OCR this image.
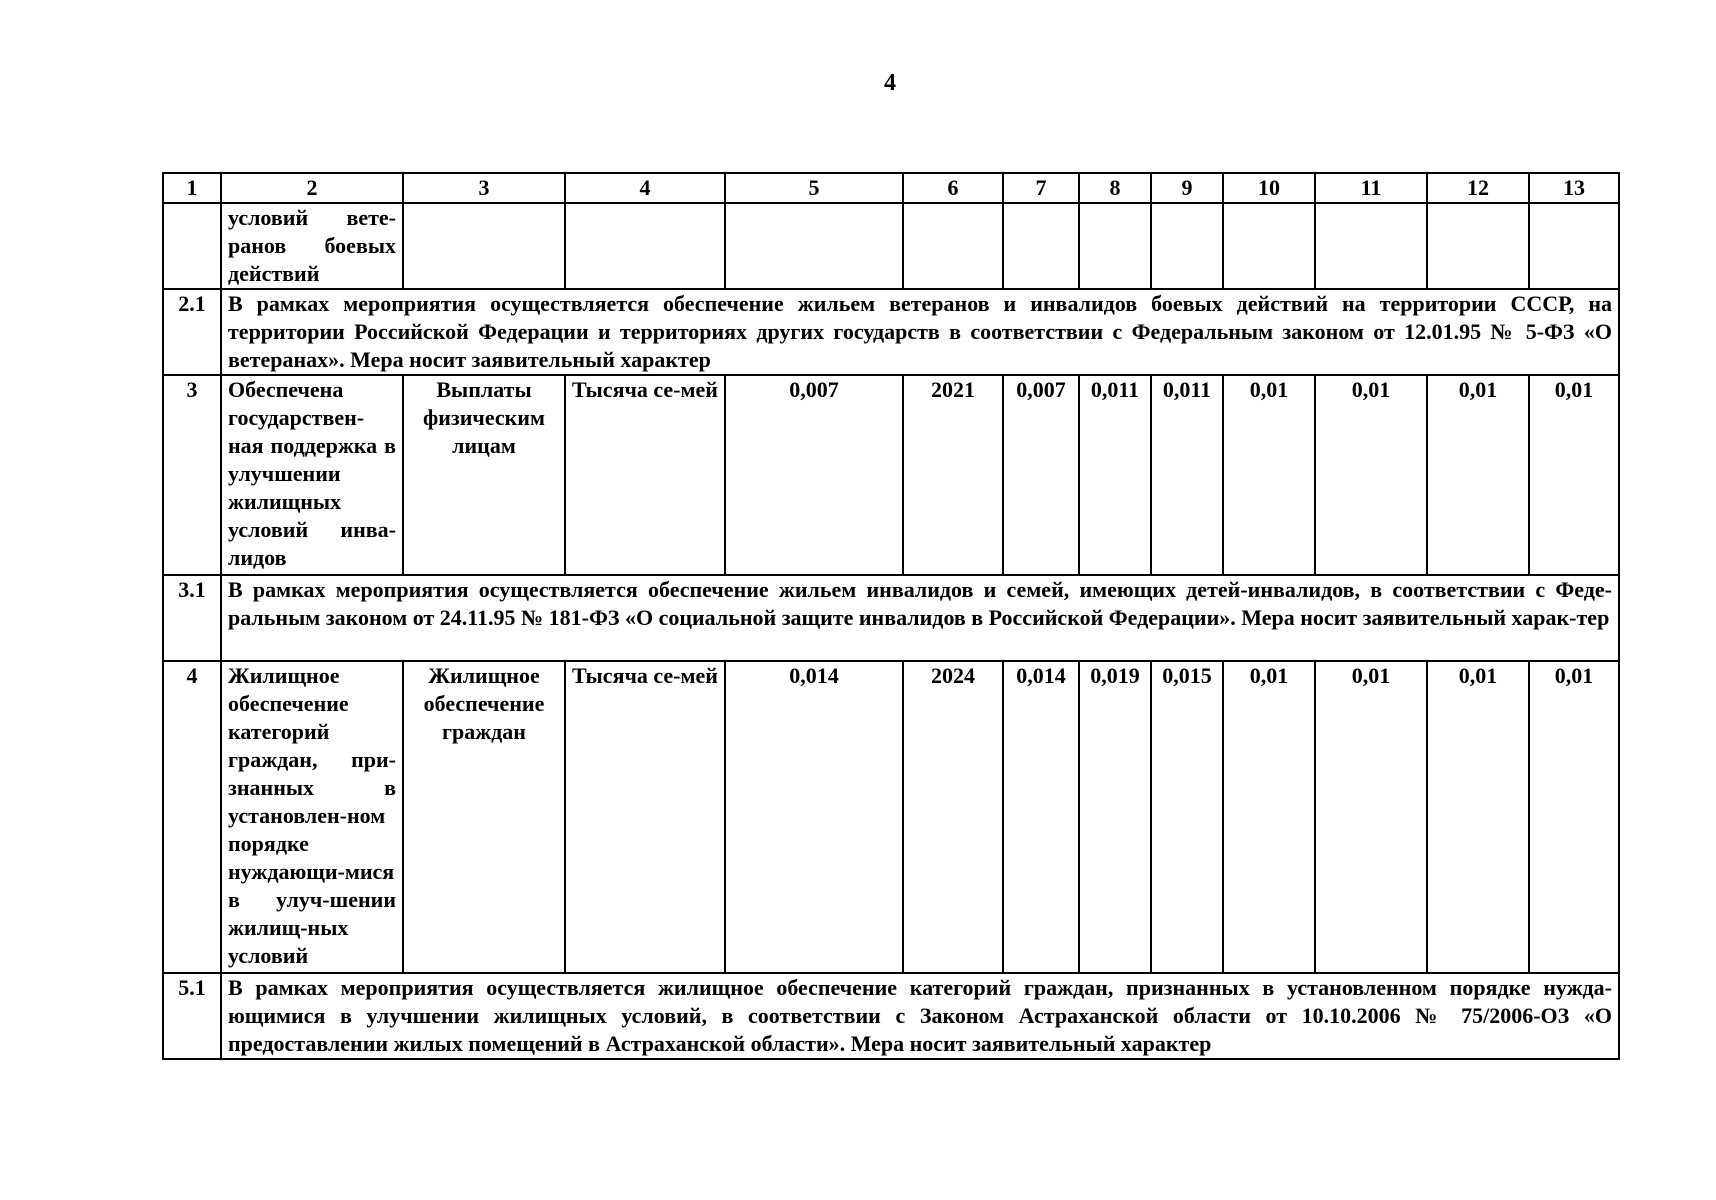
4
1	2	3	4	5	6	7	8	9	10	11	12	13
	условий вете-ранов боевых действий											
2.1	В рамках мероприятия осуществляется обеспечение жильем ветеранов и инвалидов боевых действий на территории СССР, на территории Российской Федерации и территориях других государств в соответствии с Федеральным законом от 12.01.95 № 5-ФЗ «О ветеранах». Мера носит заявительный характер											
3	Обеспечена государствен-ная поддержка в улучшении жилищных условий инва-лидов	Выплаты физическим лицам	Тысяча се-мей	0,007	2021	0,007	0,011	0,011	0,01	0,01	0,01	0,01
3.1	В рамках мероприятия осуществляется обеспечение жильем инвалидов и семей, имеющих детей-инвалидов, в соответствии с Феде-ральным законом от 24.11.95 № 181-ФЗ «О социальной защите инвалидов в Российской Федерации». Мера носит заявительный харак-тер											
4	Жилищное обеспечение категорий граждан, при-знанных в установлен-ном порядке нуждающи-мися в улуч-шении жилищ-ных условий	Жилищное обеспечение граждан	Тысяча се-мей	0,014	2024	0,014	0,019	0,015	0,01	0,01	0,01	0,01
5.1	В рамках мероприятия осуществляется жилищное обеспечение категорий граждан, признанных в установленном порядке нужда-ющимися в улучшении жилищных условий, в соответствии с Законом Астраханской области от 10.10.2006 № 75/2006-ОЗ «О предоставлении жилых помещений в Астраханской области». Мера носит заявительный характер											
